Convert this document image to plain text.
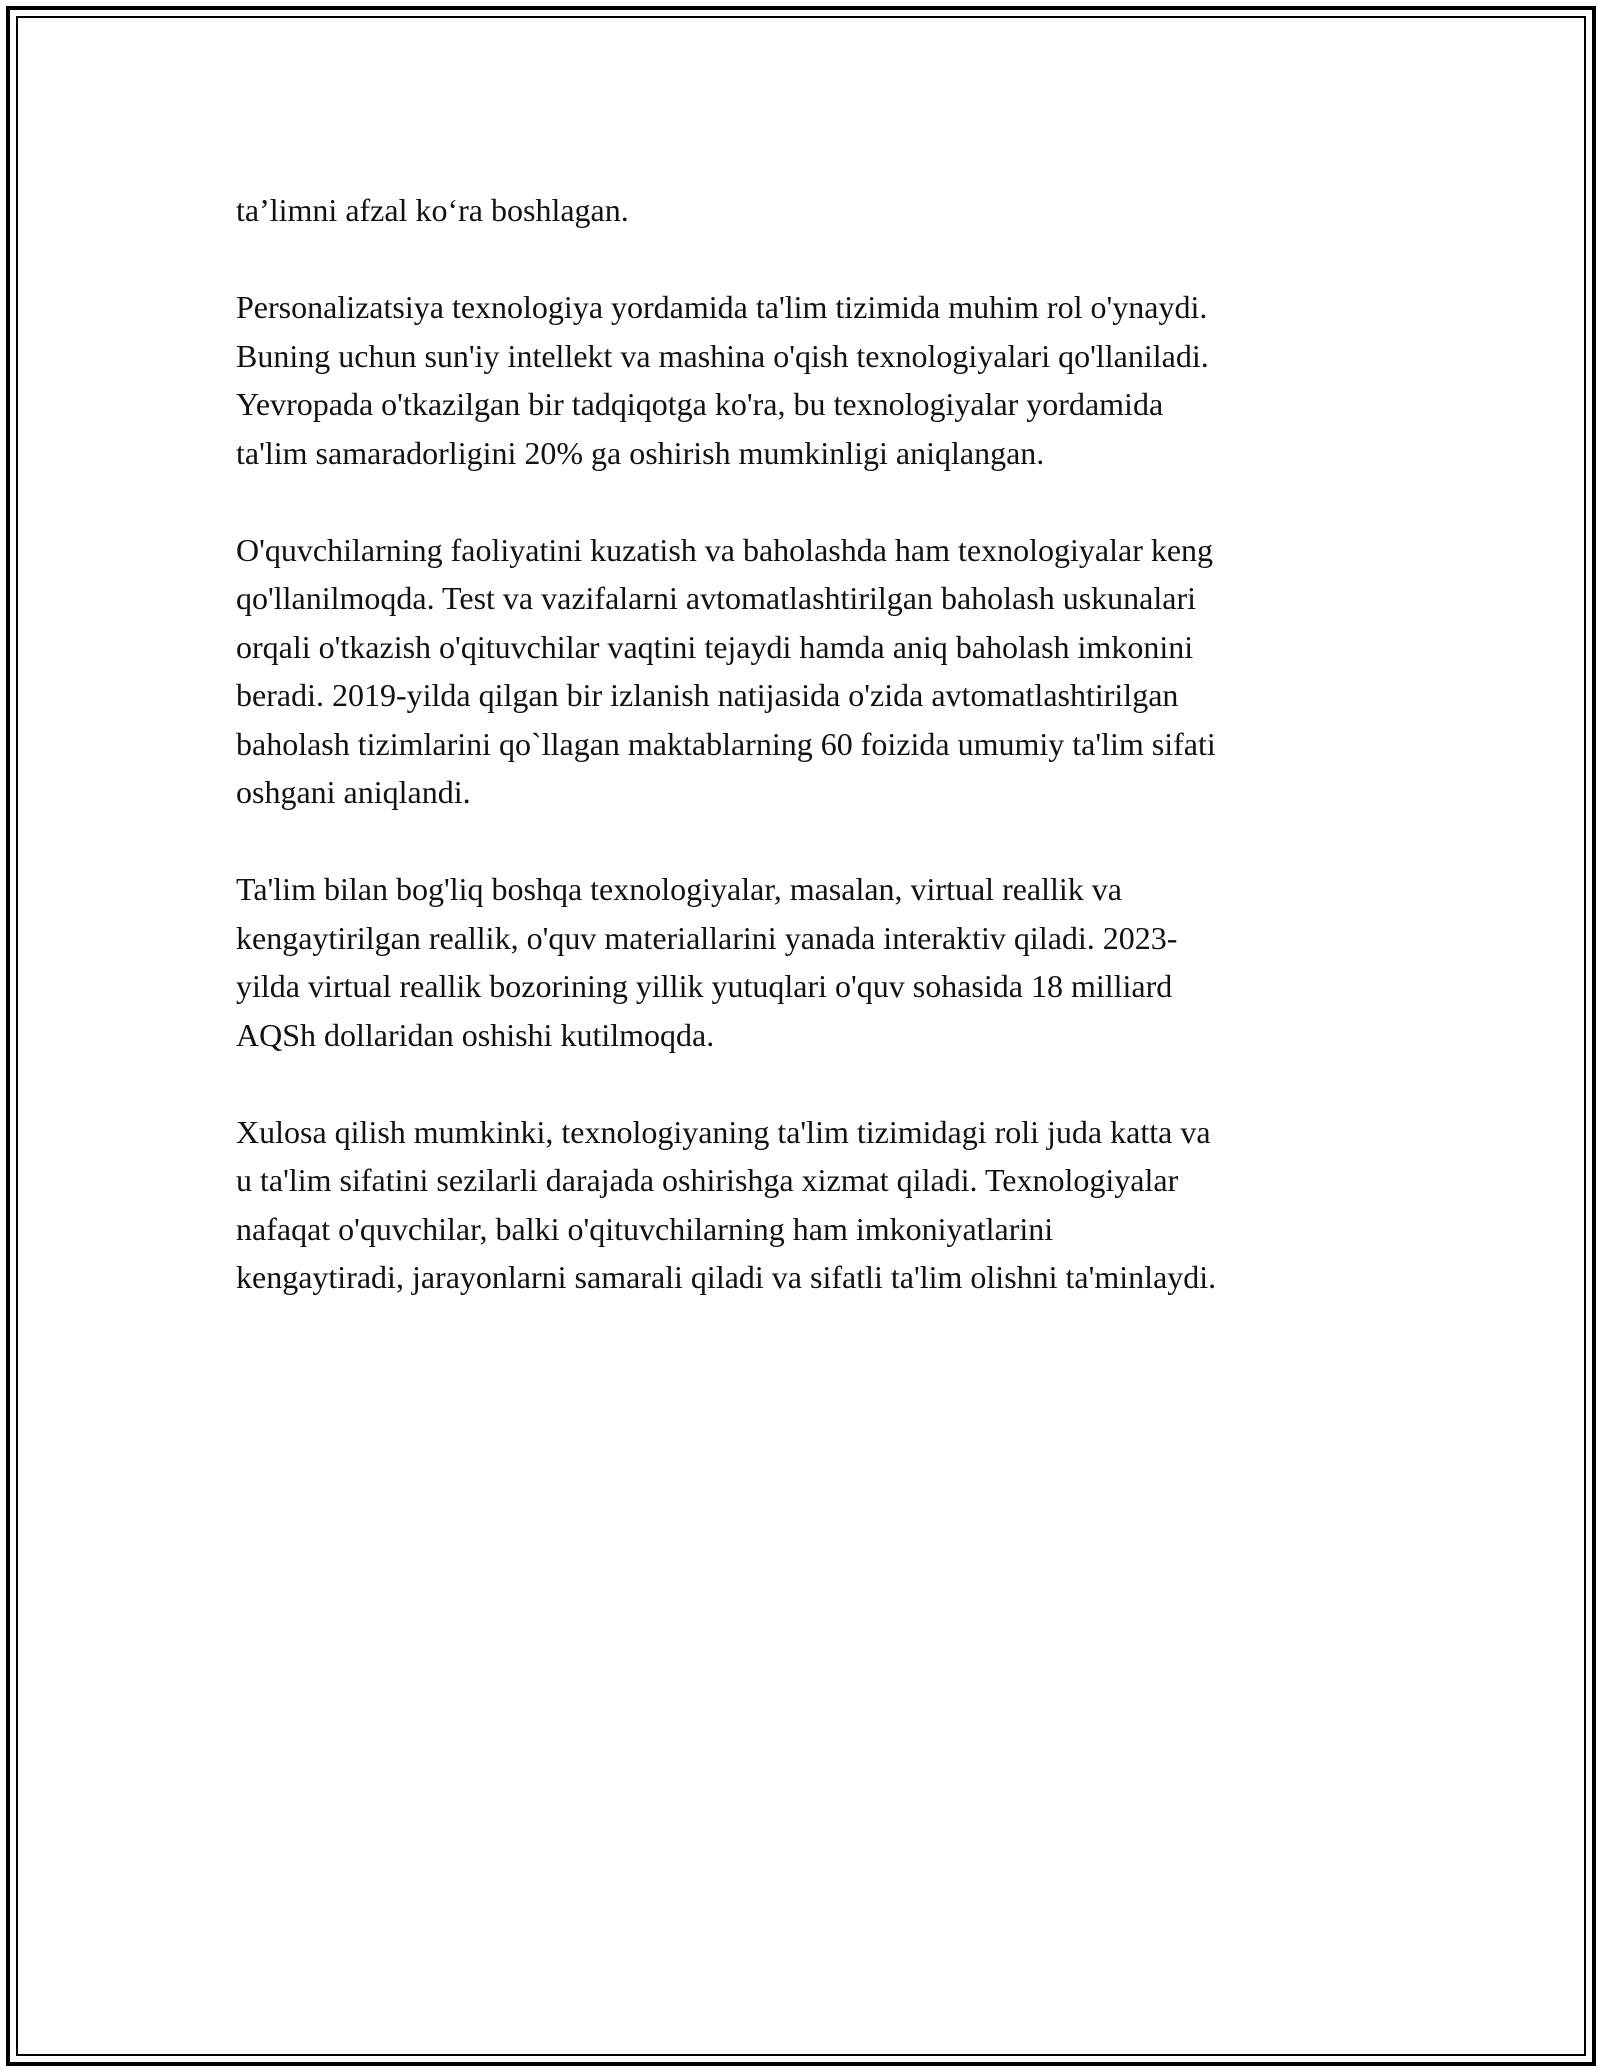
ta’limni afzal ko‘ra boshlagan.

Personalizatsiya texnologiya yordamida ta'lim tizimida muhim rol o'ynaydi.
Buning uchun sun'iy intellekt va mashina o'qish texnologiyalari qo'llaniladi.
Yevropada o'tkazilgan bir tadqiqotga ko'ra, bu texnologiyalar yordamida
ta'lim samaradorligini 20% ga oshirish mumkinligi aniqlangan.

O'quvchilarning faoliyatini kuzatish va baholashda ham texnologiyalar keng
qo'llanilmoqda. Test va vazifalarni avtomatlashtirilgan baholash uskunalari
orqali o'tkazish o'qituvchilar vaqtini tejaydi hamda aniq baholash imkonini
beradi. 2019-yilda qilgan bir izlanish natijasida o'zida avtomatlashtirilgan
baholash tizimlarini qo`llagan maktablarning 60 foizida umumiy ta'lim sifati
oshgani aniqlandi.

Ta'lim bilan bog'liq boshqa texnologiyalar, masalan, virtual reallik va
kengaytirilgan reallik, o'quv materiallarini yanada interaktiv qiladi. 2023-
yilda virtual reallik bozorining yillik yutuqlari o'quv sohasida 18 milliard
AQSh dollaridan oshishi kutilmoqda.

Xulosa qilish mumkinki, texnologiyaning ta'lim tizimidagi roli juda katta va
u ta'lim sifatini sezilarli darajada oshirishga xizmat qiladi. Texnologiyalar
nafaqat o'quvchilar, balki o'qituvchilarning ham imkoniyatlarini
kengaytiradi, jarayonlarni samarali qiladi va sifatli ta'lim olishni ta'minlaydi.
